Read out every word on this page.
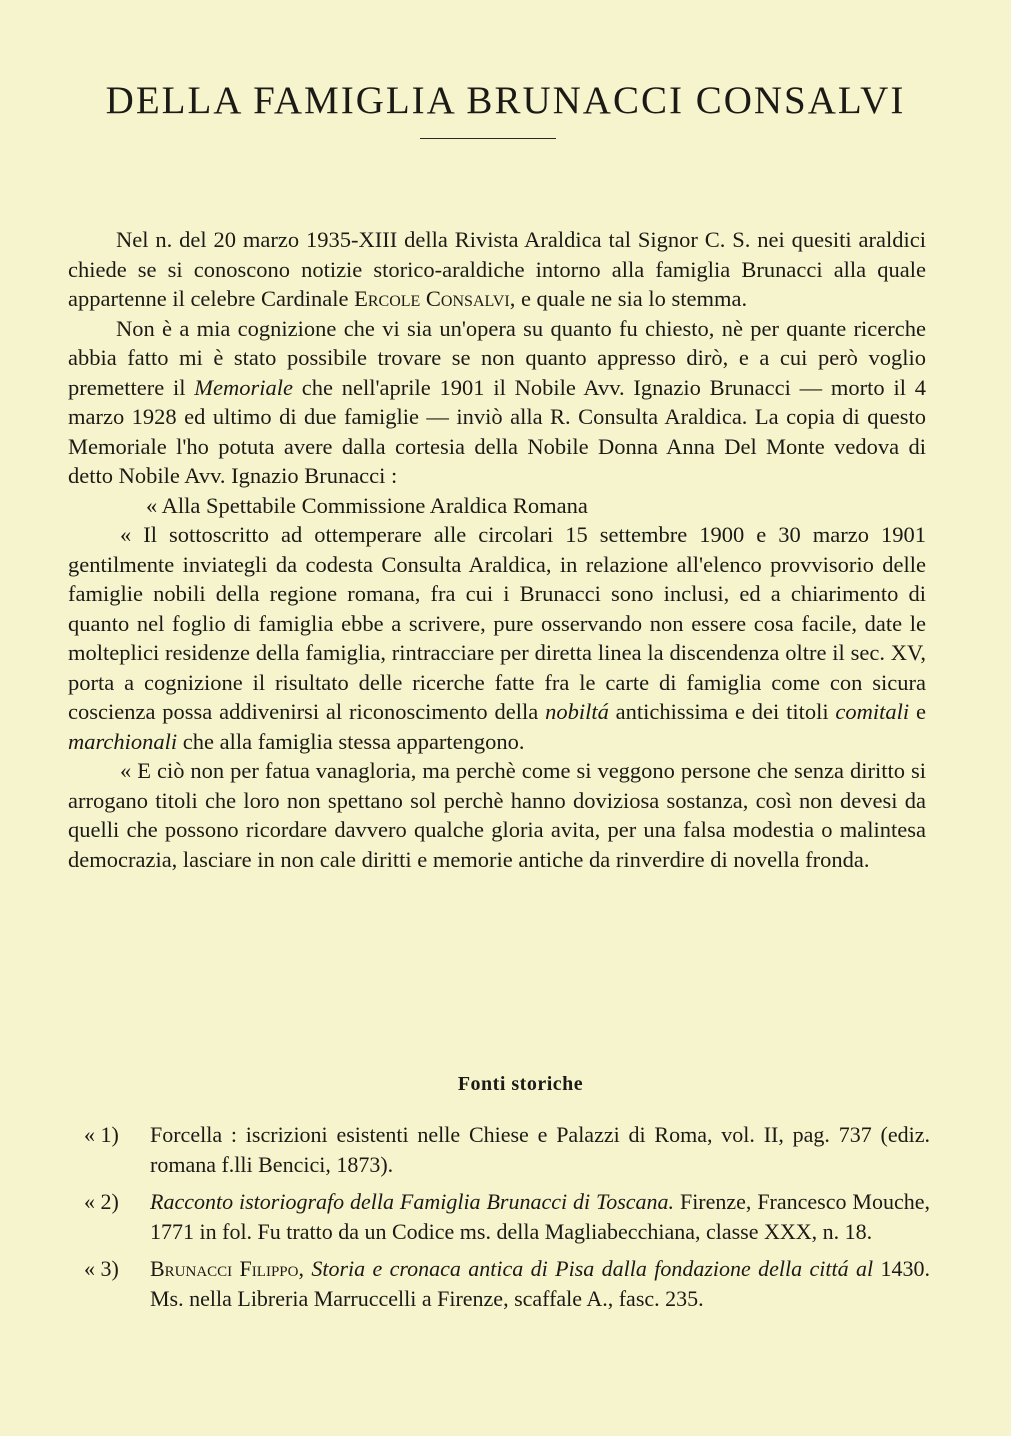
DELLA FAMIGLIA BRUNACCI CONSALVI

Nel n. del 20 marzo 1935-XIII della Rivista Araldica tal Signor C. S. nei quesiti araldici chiede se si conoscono notizie storico-araldiche intorno alla famiglia Brunacci alla quale appartenne il celebre Cardinale Ercole Consalvi, e quale ne sia lo stemma.

Non è a mia cognizione che vi sia un'opera su quanto fu chiesto, nè per quante ricerche abbia fatto mi è stato possibile trovare se non quanto appresso dirò, e a cui però voglio premettere il Memoriale che nell'aprile 1901 il Nobile Avv. Ignazio Brunacci — morto il 4 marzo 1928 ed ultimo di due famiglie — inviò alla R. Consulta Araldica. La copia di questo Memoriale l'ho potuta avere dalla cortesia della Nobile Donna Anna Del Monte vedova di detto Nobile Avv. Ignazio Brunacci :

« Alla Spettabile Commissione Araldica Romana

« Il sottoscritto ad ottemperare alle circolari 15 settembre 1900 e 30 marzo 1901 gentilmente inviategli da codesta Consulta Araldica, in relazione all'elenco provvisorio delle famiglie nobili della regione romana, fra cui i Brunacci sono inclusi, ed a chiarimento di quanto nel foglio di famiglia ebbe a scrivere, pure osservando non essere cosa facile, date le molteplici residenze della famiglia, rintracciare per diretta linea la discendenza oltre il sec. XV, porta a cognizione il risultato delle ricerche fatte fra le carte di famiglia come con sicura coscienza possa addivenirsi al riconoscimento della nobiltá antichissima e dei titoli comitali e marchionali che alla famiglia stessa appartengono.

« E ciò non per fatua vanagloria, ma perchè come si veggono persone che senza diritto si arrogano titoli che loro non spettano sol perchè hanno doviziosa sostanza, così non devesi da quelli che possono ricordare davvero qualche gloria avita, per una falsa modestia o malintesa democrazia, lasciare in non cale diritti e memorie antiche da rinverdire di novella fronda.

Fonti storiche
« 1) Forcella : iscrizioni esistenti nelle Chiese e Palazzi di Roma, vol. II, pag. 737 (ediz. romana f.lli Bencici, 1873).
« 2) Racconto istoriografo della Famiglia Brunacci di Toscana. Firenze, Francesco Mouche, 1771 in fol. Fu tratto da un Codice ms. della Magliabecchiana, classe XXX, n. 18.
« 3) Brunacci Filippo, Storia e cronaca antica di Pisa dalla fondazione della cittá al 1430. Ms. nella Libreria Marruccelli a Firenze, scaffale A., fasc. 235.
